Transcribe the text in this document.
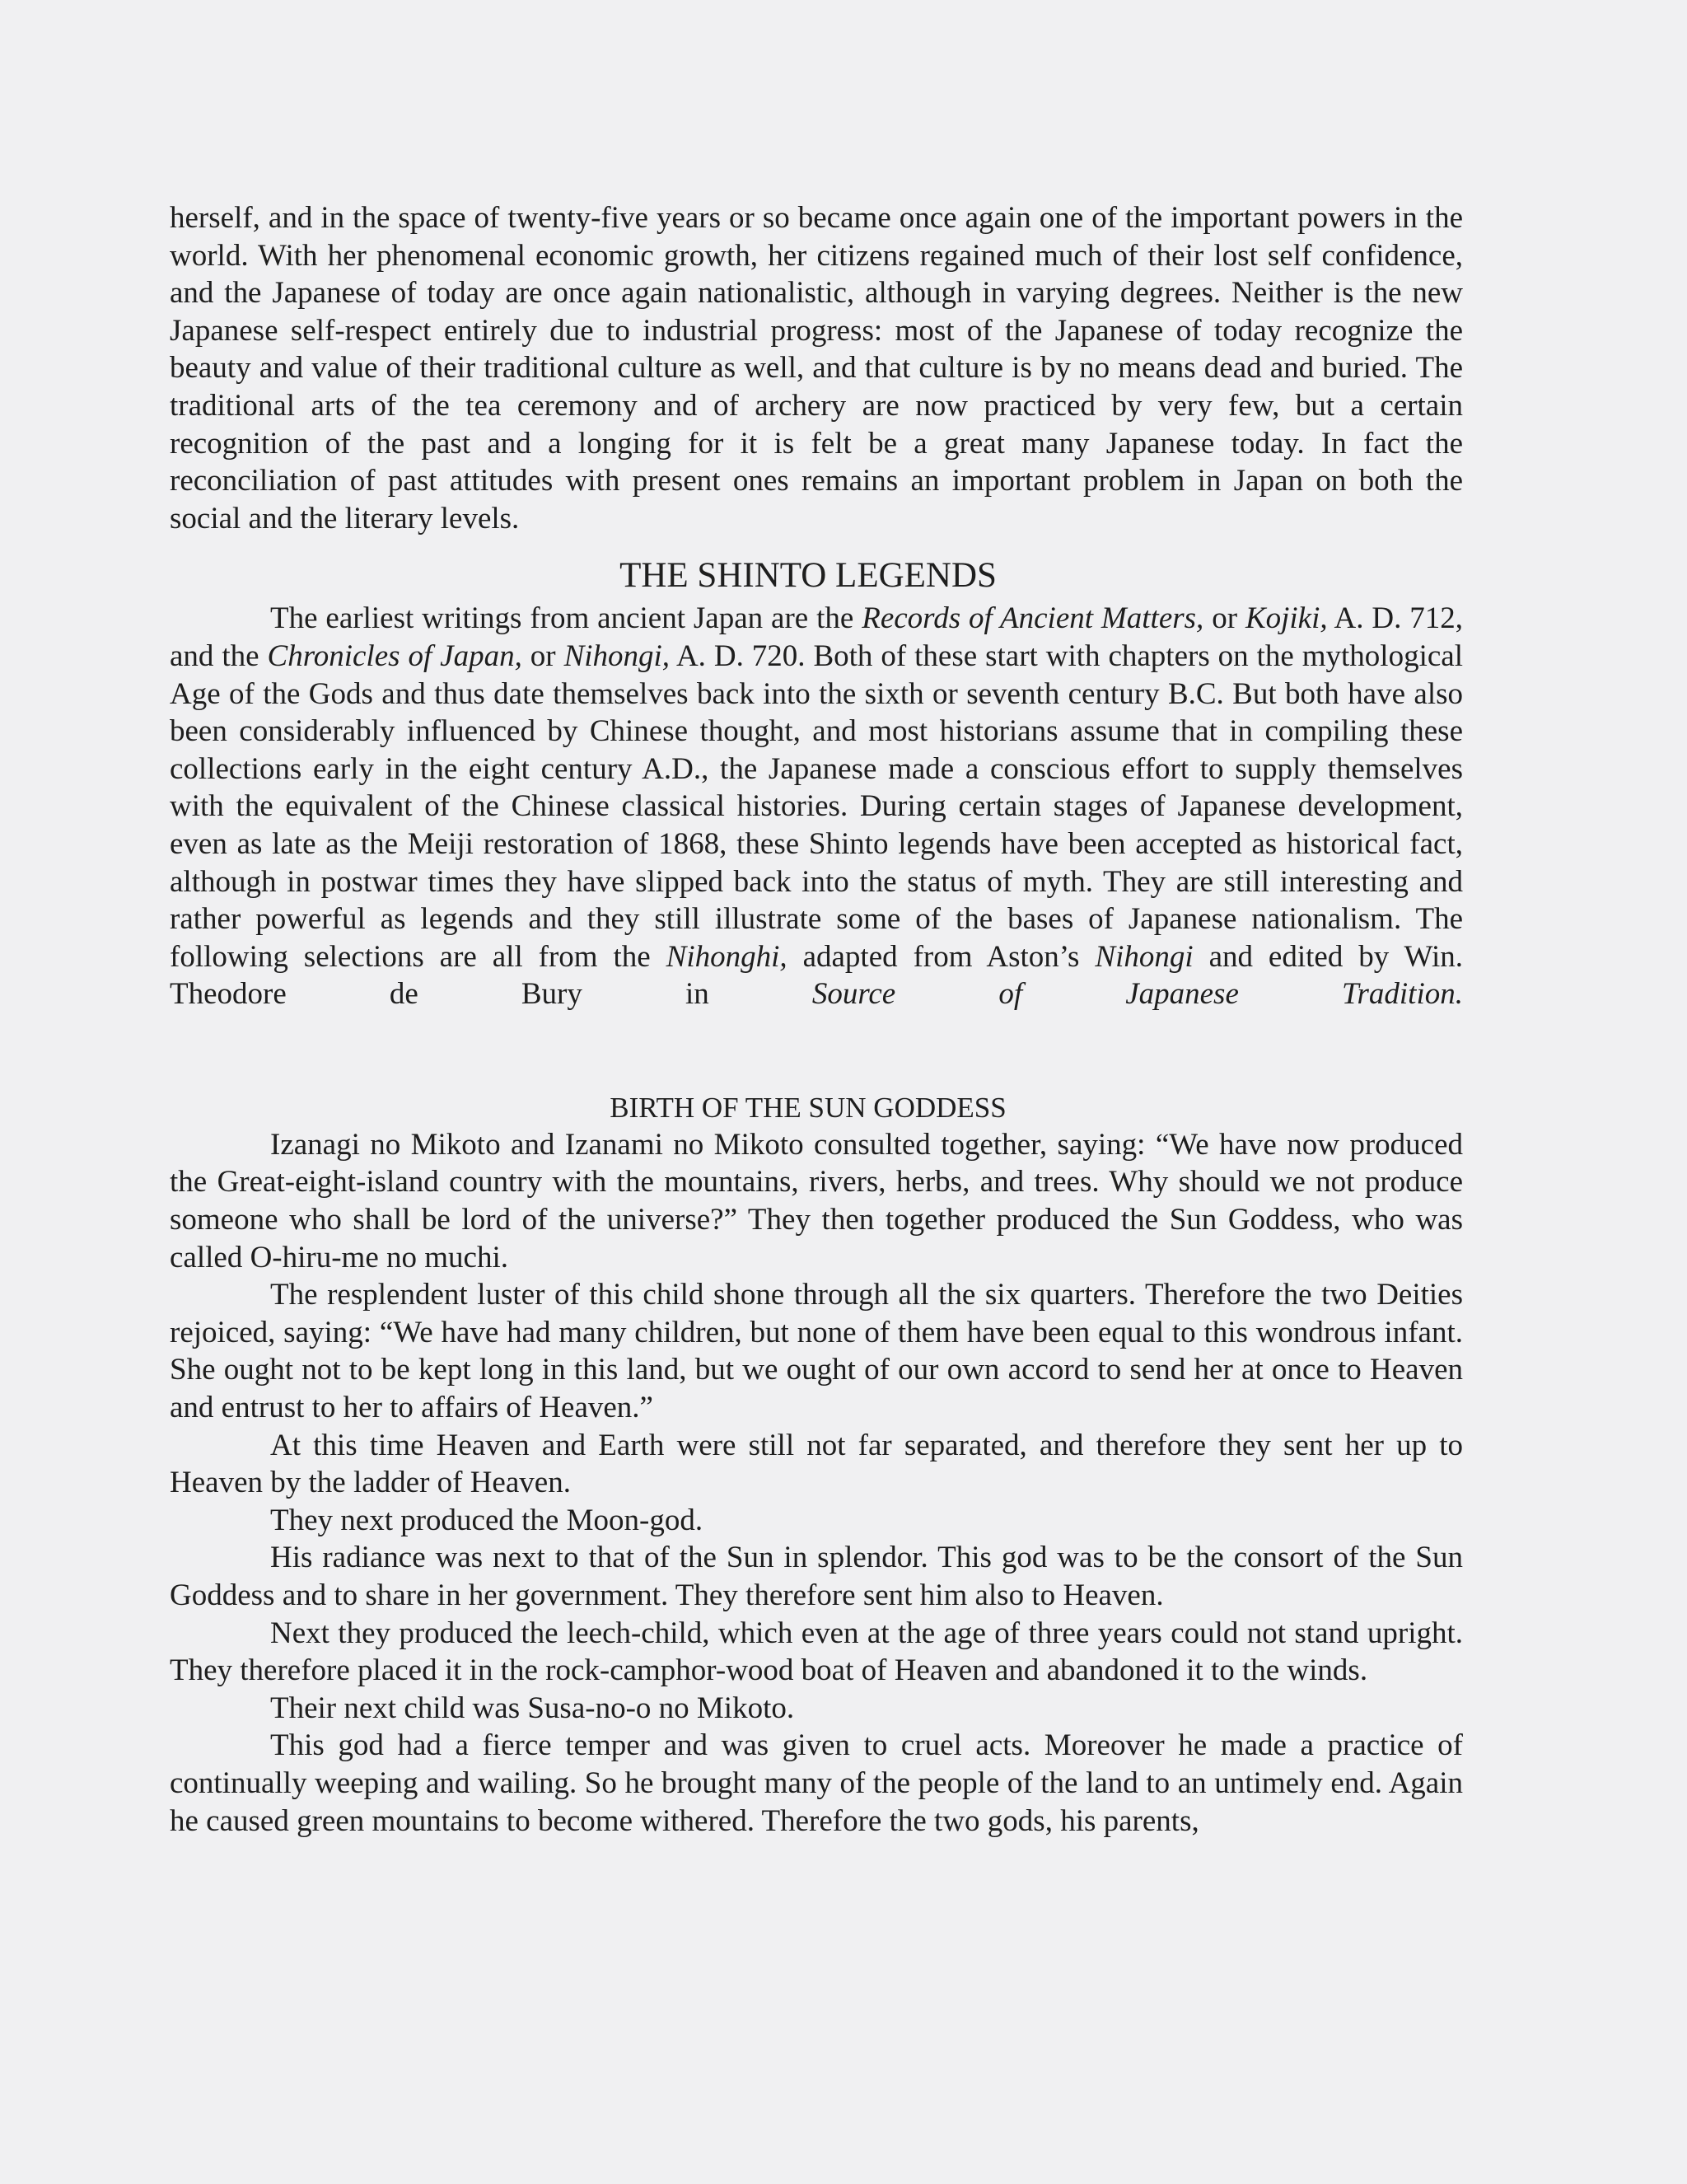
herself, and in the space of twenty-five years or so became once again one of the important powers in the world. With her phenomenal economic growth, her citizens regained much of their lost self confidence, and the Japanese of today are once again nationalistic, although in varying degrees. Neither is the new Japanese self-respect entirely due to industrial progress: most of the Japanese of today recognize the beauty and value of their traditional culture as well, and that culture is by no means dead and buried. The traditional arts of the tea ceremony and of archery are now practiced by very few, but a certain recognition of the past and a longing for it is felt be a great many Japanese today. In fact the reconciliation of past attitudes with present ones remains an important problem in Japan on both the social and the literary levels.

THE SHINTO LEGENDS

The earliest writings from ancient Japan are the Records of Ancient Matters, or Kojiki, A. D. 712, and the Chronicles of Japan, or Nihongi, A. D. 720. Both of these start with chapters on the mythological Age of the Gods and thus date themselves back into the sixth or seventh century B.C. But both have also been considerably influenced by Chinese thought, and most historians assume that in compiling these collections early in the eight century A.D., the Japanese made a conscious effort to supply themselves with the equivalent of the Chinese classical histories. During certain stages of Japanese development, even as late as the Meiji restoration of 1868, these Shinto legends have been accepted as historical fact, although in postwar times they have slipped back into the status of myth. They are still interesting and rather powerful as legends and they still illustrate some of the bases of Japanese nationalism. The following selections are all from the Nihonghi, adapted from Aston’s Nihongi and edited by Win. Theodore de Bury in Source of Japanese Tradition.

BIRTH OF THE SUN GODDESS

Izanagi no Mikoto and Izanami no Mikoto consulted together, saying: “We have now produced the Great-eight-island country with the mountains, rivers, herbs, and trees. Why should we not produce someone who shall be lord of the universe?” They then together produced the Sun Goddess, who was called O-hiru-me no muchi.

The resplendent luster of this child shone through all the six quarters. Therefore the two Deities rejoiced, saying: “We have had many children, but none of them have been equal to this wondrous infant. She ought not to be kept long in this land, but we ought of our own accord to send her at once to Heaven and entrust to her to affairs of Heaven.”

At this time Heaven and Earth were still not far separated, and therefore they sent her up to Heaven by the ladder of Heaven.

They next produced the Moon-god.

His radiance was next to that of the Sun in splendor. This god was to be the consort of the Sun Goddess and to share in her government. They therefore sent him also to Heaven.

Next they produced the leech-child, which even at the age of three years could not stand upright. They therefore placed it in the rock-camphor-wood boat of Heaven and abandoned it to the winds.

Their next child was Susa-no-o no Mikoto.

This god had a fierce temper and was given to cruel acts. Moreover he made a practice of continually weeping and wailing. So he brought many of the people of the land to an untimely end. Again he caused green mountains to become withered. Therefore the two gods, his parents,
